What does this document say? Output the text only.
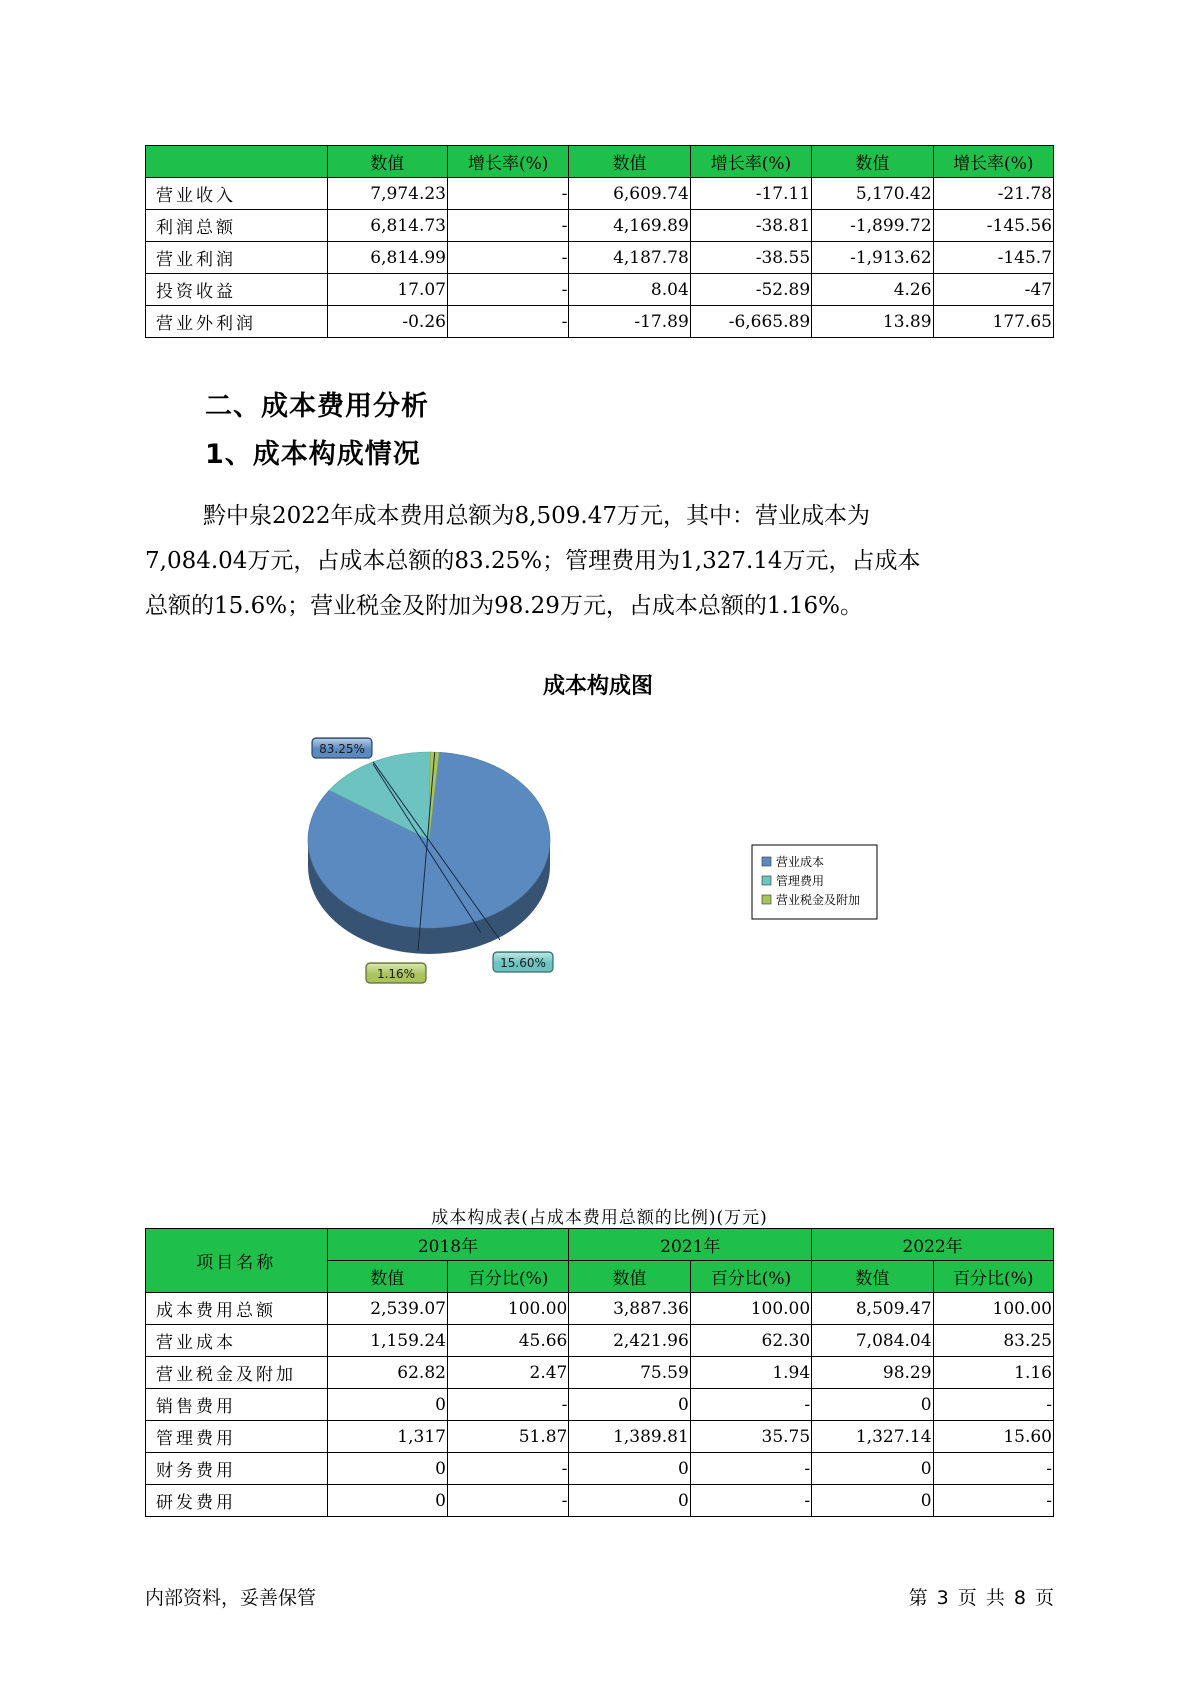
	数值	增长率(%)	数值	增长率(%)	数值	增长率(%)
营业收入	7,974.23	-	6,609.74	-17.11	5,170.42	-21.78
利润总额	6,814.73	-	4,169.89	-38.81	-1,899.72	-145.56
营业利润	6,814.99	-	4,187.78	-38.55	-1,913.62	-145.7
投资收益	17.07	-	8.04	-52.89	4.26	-47
营业外利润	-0.26	-	-17.89	-6,665.89	13.89	177.65
二、成本费用分析
1、成本构成情况
黔中泉2022年成本费用总额为8,509.47万元，其中：营业成本为
7,084.04万元，占成本总额的83.25%；管理费用为1,327.14万元，占成本
总额的15.6%；营业税金及附加为98.29万元，占成本总额的1.16%。
成本构成图
83.25%
15.60%
1.16%
营业成本
管理费用
营业税金及附加
成本构成表(占成本费用总额的比例)(万元)
项目名称	2018年		2021年		2022年	
	数值	百分比(%)	数值	百分比(%)	数值	百分比(%)
成本费用总额	2,539.07	100.00	3,887.36	100.00	8,509.47	100.00
营业成本	1,159.24	45.66	2,421.96	62.30	7,084.04	83.25
营业税金及附加	62.82	2.47	75.59	1.94	98.29	1.16
销售费用	0	-	0	-	0	-
管理费用	1,317	51.87	1,389.81	35.75	1,327.14	15.60
财务费用	0	-	0	-	0	-
研发费用	0	-	0	-	0	-
内部资料，妥善保管	第 3 页 共 8 页
